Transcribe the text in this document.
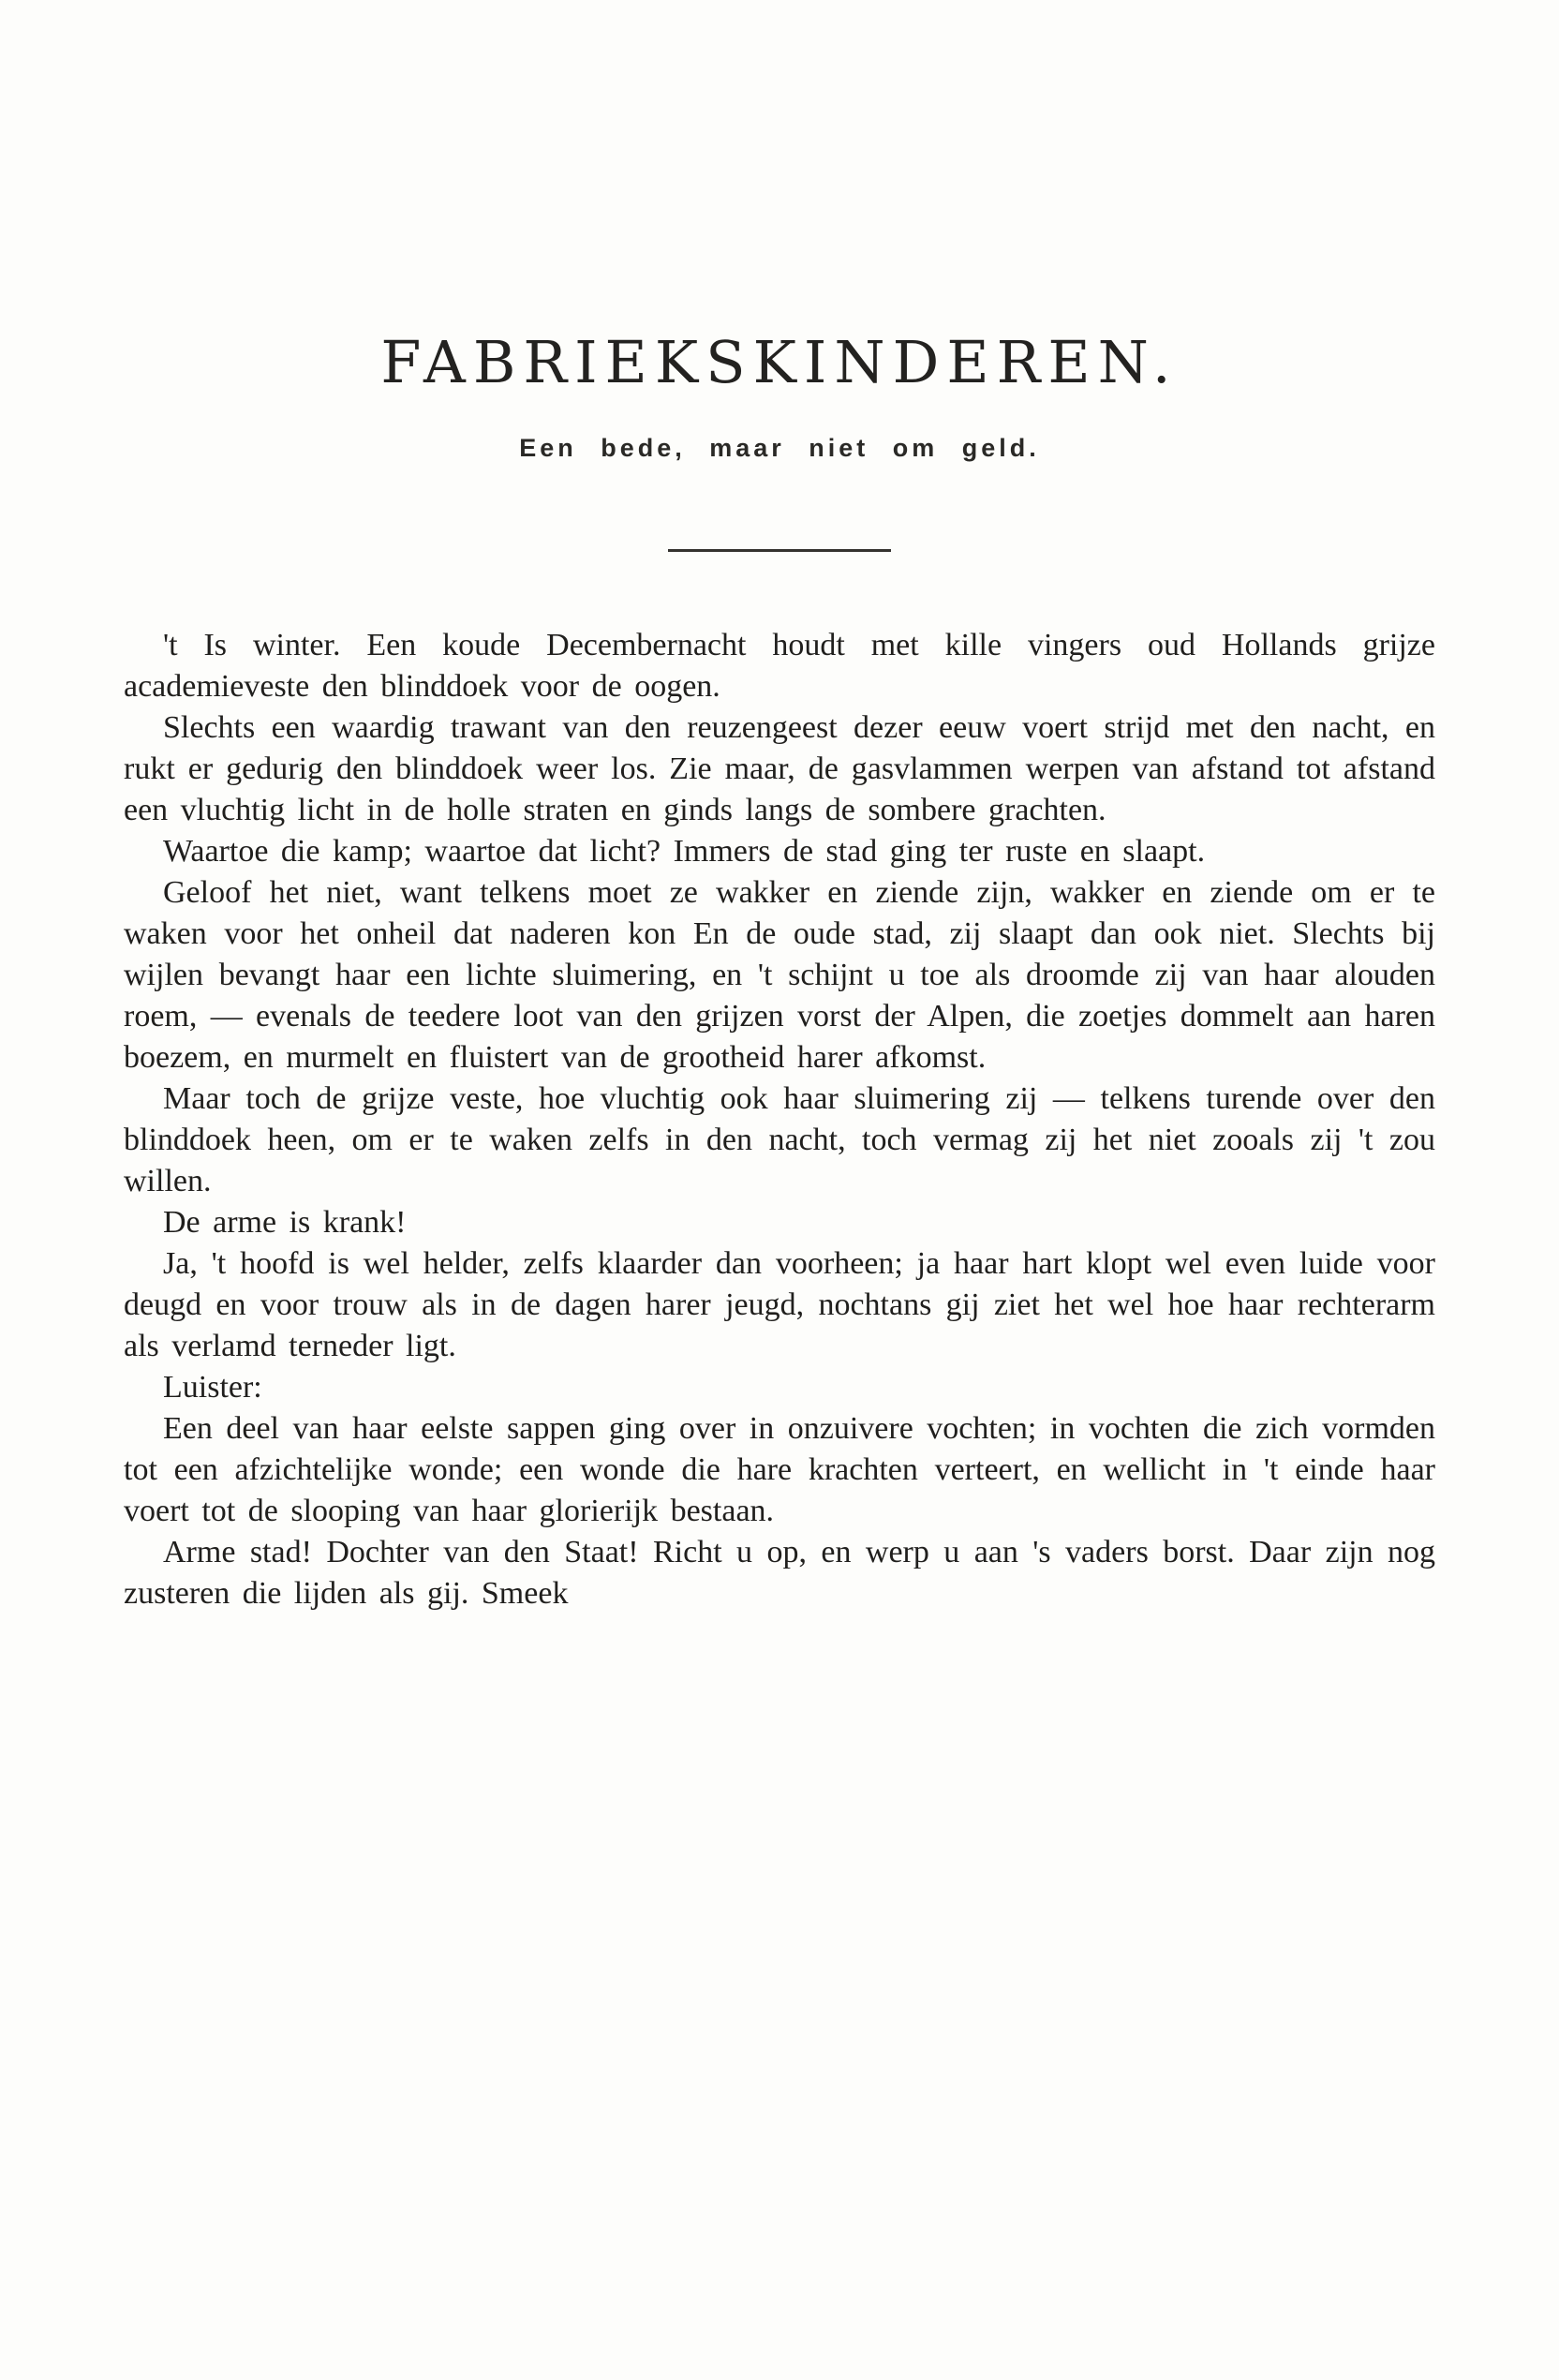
FABRIEKSKINDEREN.
Een bede, maar niet om geld.

't Is winter. Een koude Decembernacht houdt met kille vingers oud Hollands grijze academieveste den blinddoek voor de oogen.

Slechts een waardig trawant van den reuzengeest dezer eeuw voert strijd met den nacht, en rukt er gedurig den blinddoek weer los. Zie maar, de gasvlammen werpen van afstand tot afstand een vluchtig licht in de holle straten en ginds langs de sombere grachten.

Waartoe die kamp; waartoe dat licht? Immers de stad ging ter ruste en slaapt.

Geloof het niet, want telkens moet ze wakker en ziende zijn, wakker en ziende om er te waken voor het onheil dat naderen kon En de oude stad, zij slaapt dan ook niet. Slechts bij wijlen bevangt haar een lichte sluimering, en 't schijnt u toe als droomde zij van haar alouden roem, — evenals de teedere loot van den grijzen vorst der Alpen, die zoetjes dommelt aan haren boezem, en murmelt en fluistert van de grootheid harer afkomst.

Maar toch de grijze veste, hoe vluchtig ook haar sluimering zij — telkens turende over den blinddoek heen, om er te waken zelfs in den nacht, toch vermag zij het niet zooals zij 't zou willen.

De arme is krank!

Ja, 't hoofd is wel helder, zelfs klaarder dan voorheen; ja haar hart klopt wel even luide voor deugd en voor trouw als in de dagen harer jeugd, nochtans gij ziet het wel hoe haar rechterarm als verlamd terneder ligt.

Luister:

Een deel van haar eelste sappen ging over in onzuivere vochten; in vochten die zich vormden tot een afzichtelijke wonde; een wonde die hare krachten verteert, en wellicht in 't einde haar voert tot de slooping van haar glorierijk bestaan.

Arme stad! Dochter van den Staat! Richt u op, en werp u aan 's vaders borst. Daar zijn nog zusteren die lijden als gij. Smeek
